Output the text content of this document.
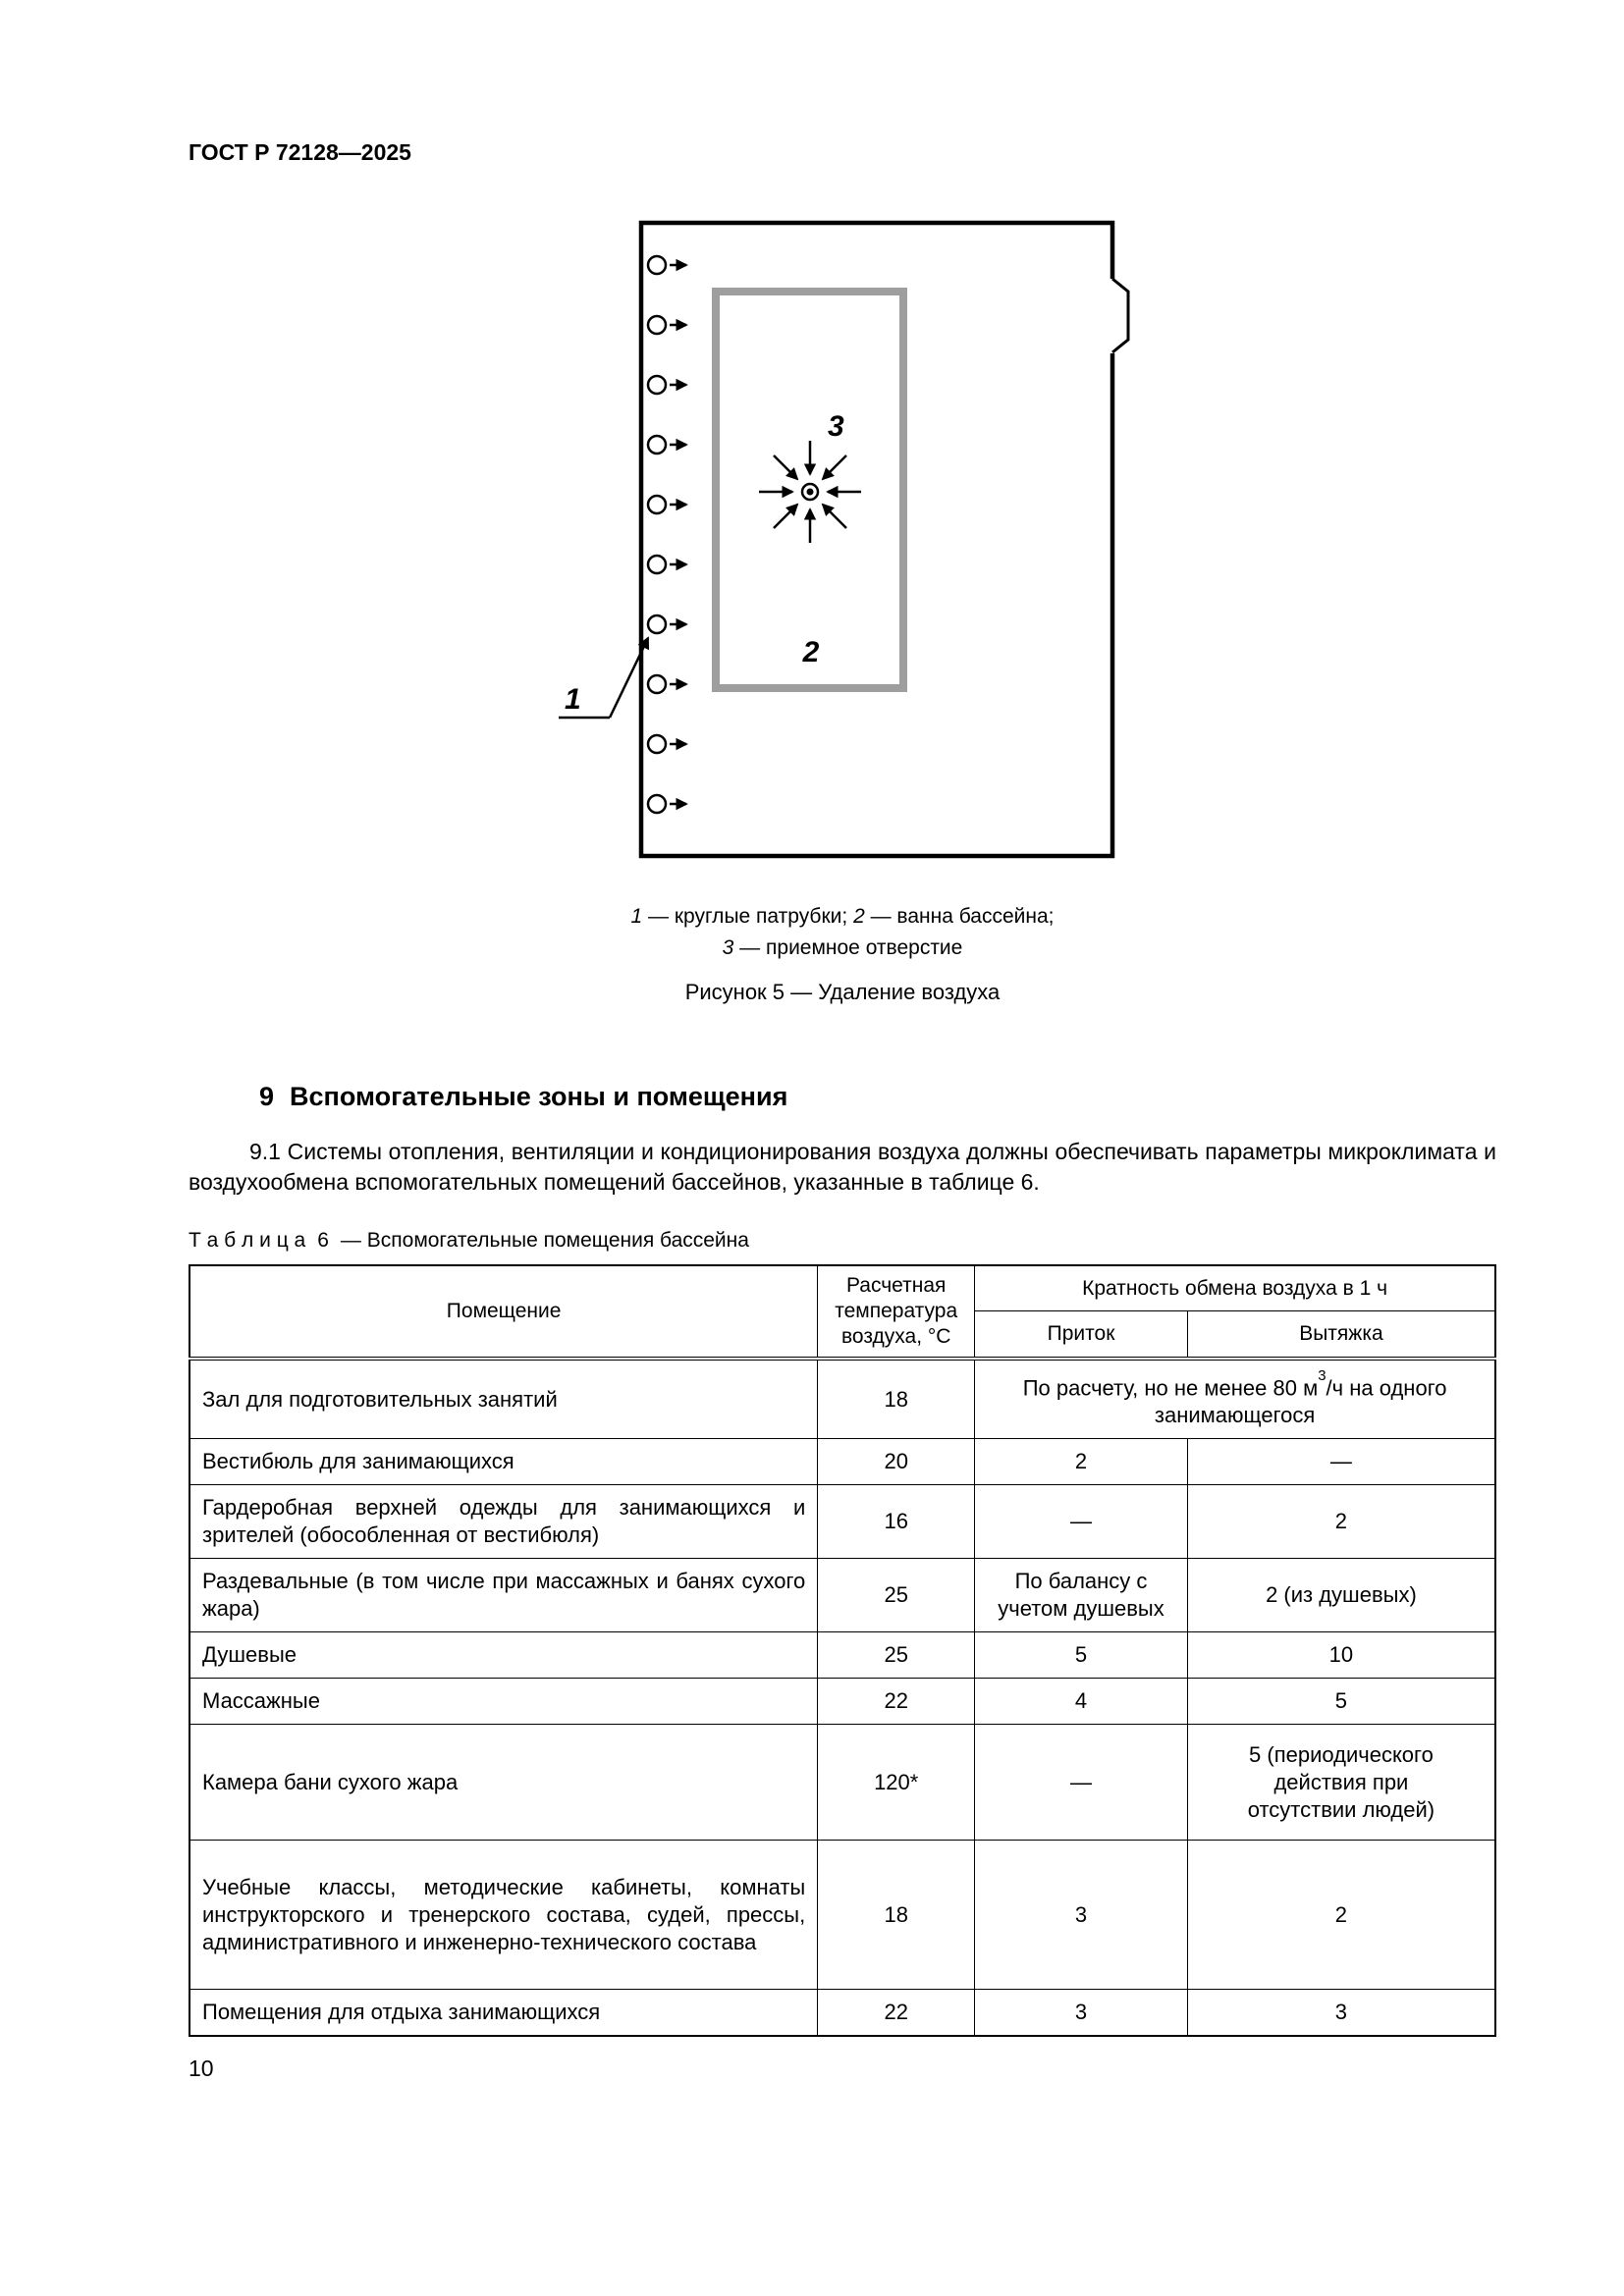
ГОСТ Р 72128—2025
3
2
1
1 — круглые патрубки; 2 — ванна бассейна;
3 — приемное отверстие
Рисунок 5 — Удаление воздуха
9 Вспомогательные зоны и помещения
9.1 Системы отопления, вентиляции и кондиционирования воздуха должны обеспечивать параметры микроклимата и воздухообмена вспомогательных помещений бассейнов, указанные в таблице 6.
Т а б л и ц а 6 — Вспомогательные помещения бассейна
Помещение	Расчетная температура воздуха, °С	Кратность обмена воздуха в 1 ч	
		Приток	Вытяжка
Зал для подготовительных занятий	18	По расчету, но не менее 80 $м^3/ч$ на одного занимающегося	
Вестибюль для занимающихся	20	2	—
Гардеробная верхней одежды для занимающихся и зрителей (обособленная от вестибюля)	16	—	2
Раздевальные (в том числе при массажных и банях сухого жара)	25	По балансу с учетом душевых	2 (из душевых)
Душевые	25	5	10
Массажные	22	4	5
Камера бани сухого жара	120*	—	5 (периодического действия при отсутствии людей)
Учебные классы, методические кабинеты, комнаты инструкторского и тренерского состава, судей, прессы, административного и инженерно-технического состава	18	3	2
Помещения для отдыха занимающихся	22	3	3
10
